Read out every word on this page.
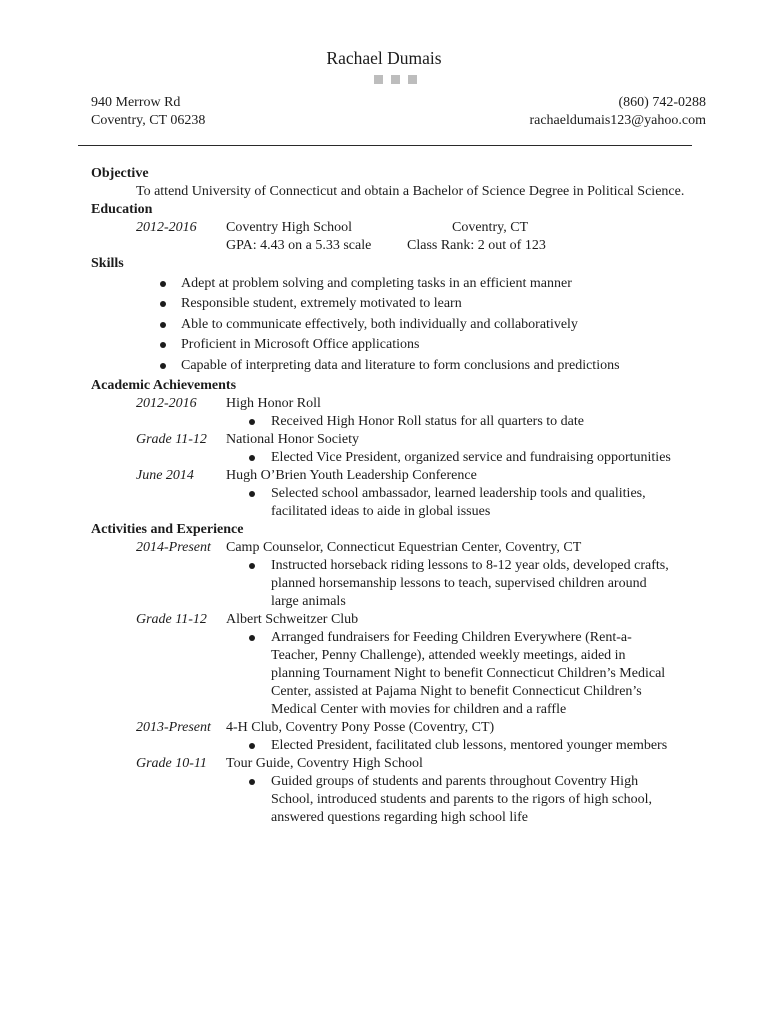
Rachael Dumais
940 Merrow Rd
Coventry, CT 06238
(860) 742-0288
rachaeldumais123@yahoo.com
Objective
To attend University of Connecticut and obtain a Bachelor of Science Degree in Political Science.
Education
2012-2016	Coventry High School	Coventry, CT
GPA: 4.43 on a 5.33 scale	Class Rank: 2 out of 123
Skills
Adept at problem solving and completing tasks in an efficient manner
Responsible student, extremely motivated to learn
Able to communicate effectively, both individually and collaboratively
Proficient in Microsoft Office applications
Capable of interpreting data and literature to form conclusions and predictions
Academic Achievements
2012-2016	High Honor Roll
Received High Honor Roll status for all quarters to date
Grade 11-12	National Honor Society
Elected Vice President, organized service and fundraising opportunities
June 2014	Hugh O’Brien Youth Leadership Conference
Selected school ambassador, learned leadership tools and qualities, facilitated ideas to aide in global issues
Activities and Experience
2014-Present	Camp Counselor, Connecticut Equestrian Center, Coventry, CT
Instructed horseback riding lessons to 8-12 year olds, developed crafts, planned horsemanship lessons to teach, supervised children around large animals
Grade 11-12	Albert Schweitzer Club
Arranged fundraisers for Feeding Children Everywhere (Rent-a-Teacher, Penny Challenge), attended weekly meetings, aided in planning Tournament Night to benefit Connecticut Children’s Medical Center, assisted at Pajama Night to benefit Connecticut Children’s Medical Center with movies for children and a raffle
2013-Present	4-H Club, Coventry Pony Posse (Coventry, CT)
Elected President, facilitated club lessons, mentored younger members
Grade 10-11	Tour Guide, Coventry High School
Guided groups of students and parents throughout Coventry High School, introduced students and parents to the rigors of high school, answered questions regarding high school life
